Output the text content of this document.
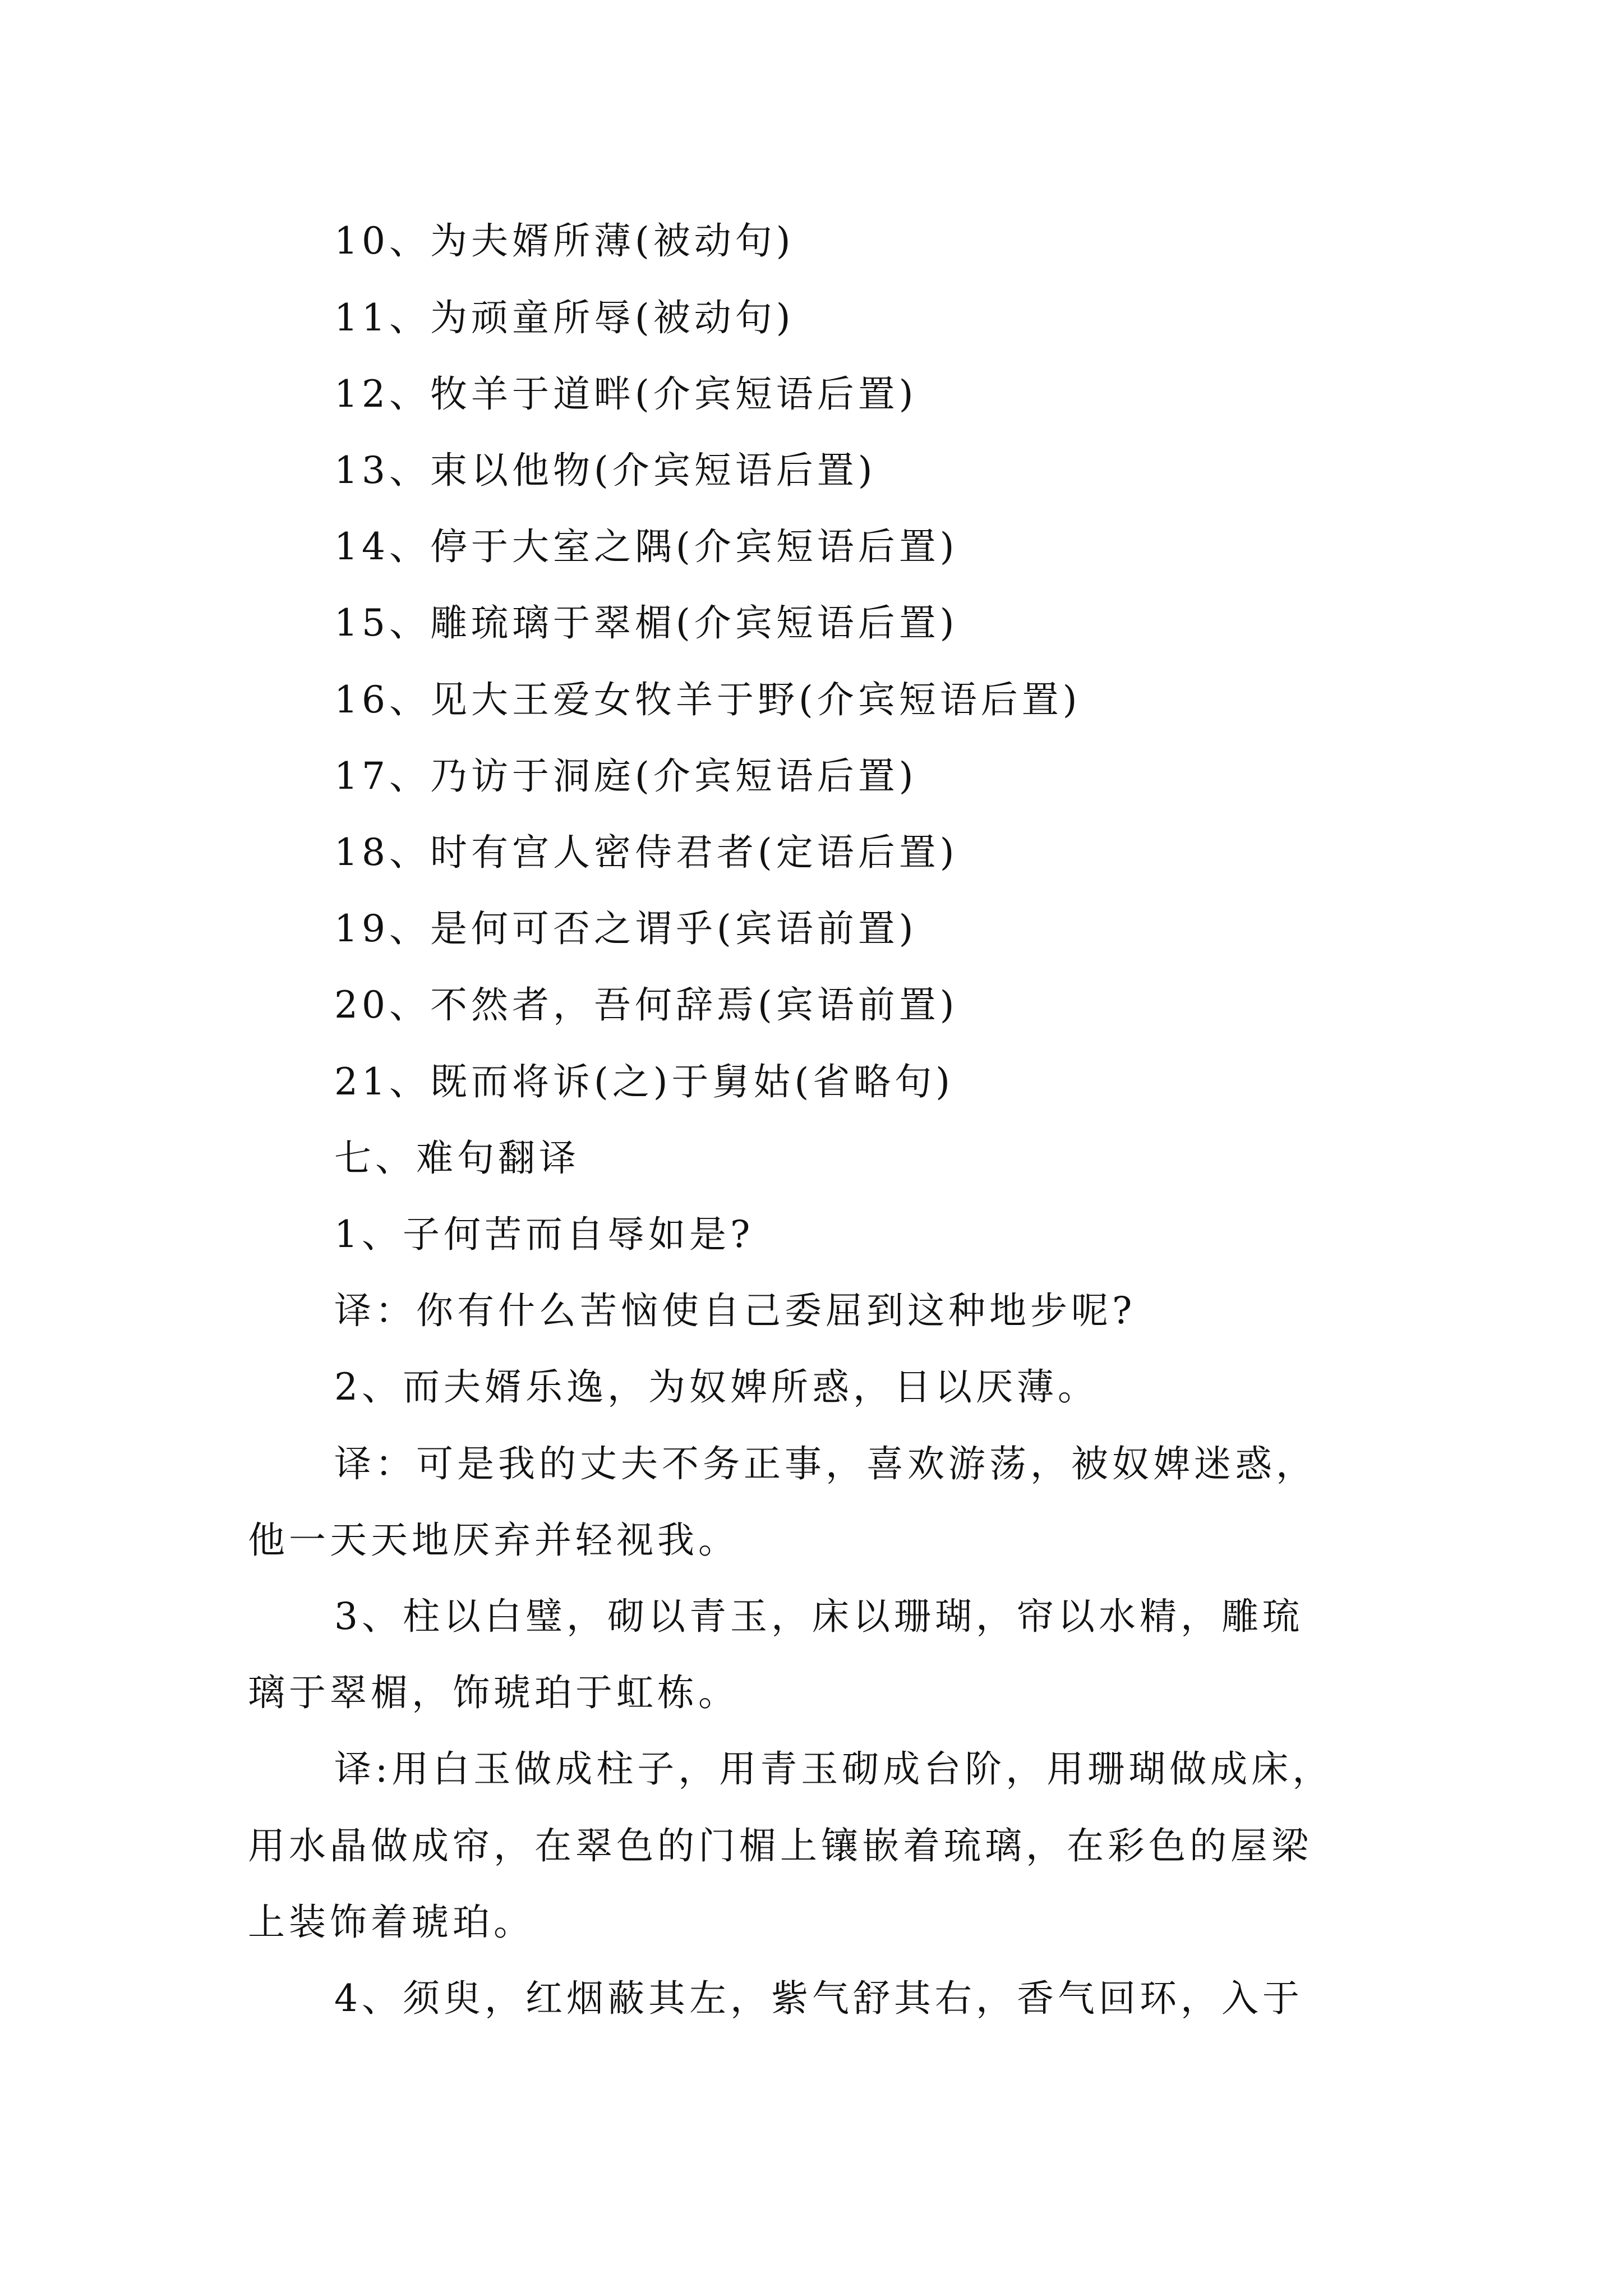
10、为夫婿所薄(被动句)
11、为顽童所辱(被动句)
12、牧羊于道畔(介宾短语后置)
13、束以他物(介宾短语后置)
14、停于大室之隅(介宾短语后置)
15、雕琉璃于翠楣(介宾短语后置)
16、见大王爱女牧羊于野(介宾短语后置)
17、乃访于洞庭(介宾短语后置)
18、时有宫人密侍君者(定语后置)
19、是何可否之谓乎(宾语前置)
20、不然者，吾何辞焉(宾语前置)
21、既而将诉(之)于舅姑(省略句)
七、难句翻译
1、子何苦而自辱如是?
译：你有什么苦恼使自己委屈到这种地步呢?
2、而夫婿乐逸，为奴婢所惑，日以厌薄。
译：可是我的丈夫不务正事，喜欢游荡，被奴婢迷惑，
他一天天地厌弃并轻视我。
3、柱以白璧，砌以青玉，床以珊瑚，帘以水精，雕琉
璃于翠楣，饰琥珀于虹栋。
译:用白玉做成柱子，用青玉砌成台阶，用珊瑚做成床，
用水晶做成帘，在翠色的门楣上镶嵌着琉璃，在彩色的屋梁
上装饰着琥珀。
4、须臾，红烟蔽其左，紫气舒其右，香气回环，入于
